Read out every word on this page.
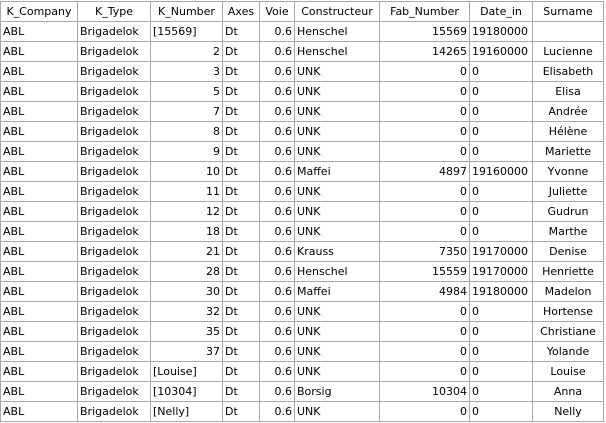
K_Company	K_Type	K_Number	Axes	Voie	Constructeur	Fab_Number	Date_in	Surname
ABL	Brigadelok	[15569]	Dt	0.6	Henschel	15569	19180000	
ABL	Brigadelok	2	Dt	0.6	Henschel	14265	19160000	Lucienne
ABL	Brigadelok	3	Dt	0.6	UNK	0	0	Elisabeth
ABL	Brigadelok	5	Dt	0.6	UNK	0	0	Elisa
ABL	Brigadelok	7	Dt	0.6	UNK	0	0	Andrée
ABL	Brigadelok	8	Dt	0.6	UNK	0	0	Hélène
ABL	Brigadelok	9	Dt	0.6	UNK	0	0	Mariette
ABL	Brigadelok	10	Dt	0.6	Maffei	4897	19160000	Yvonne
ABL	Brigadelok	11	Dt	0.6	UNK	0	0	Juliette
ABL	Brigadelok	12	Dt	0.6	UNK	0	0	Gudrun
ABL	Brigadelok	18	Dt	0.6	UNK	0	0	Marthe
ABL	Brigadelok	21	Dt	0.6	Krauss	7350	19170000	Denise
ABL	Brigadelok	28	Dt	0.6	Henschel	15559	19170000	Henriette
ABL	Brigadelok	30	Dt	0.6	Maffei	4984	19180000	Madelon
ABL	Brigadelok	32	Dt	0.6	UNK	0	0	Hortense
ABL	Brigadelok	35	Dt	0.6	UNK	0	0	Christiane
ABL	Brigadelok	37	Dt	0.6	UNK	0	0	Yolande
ABL	Brigadelok	[Louise]	Dt	0.6	UNK	0	0	Louise
ABL	Brigadelok	[10304]	Dt	0.6	Borsig	10304	0	Anna
ABL	Brigadelok	[Nelly]	Dt	0.6	UNK	0	0	Nelly
